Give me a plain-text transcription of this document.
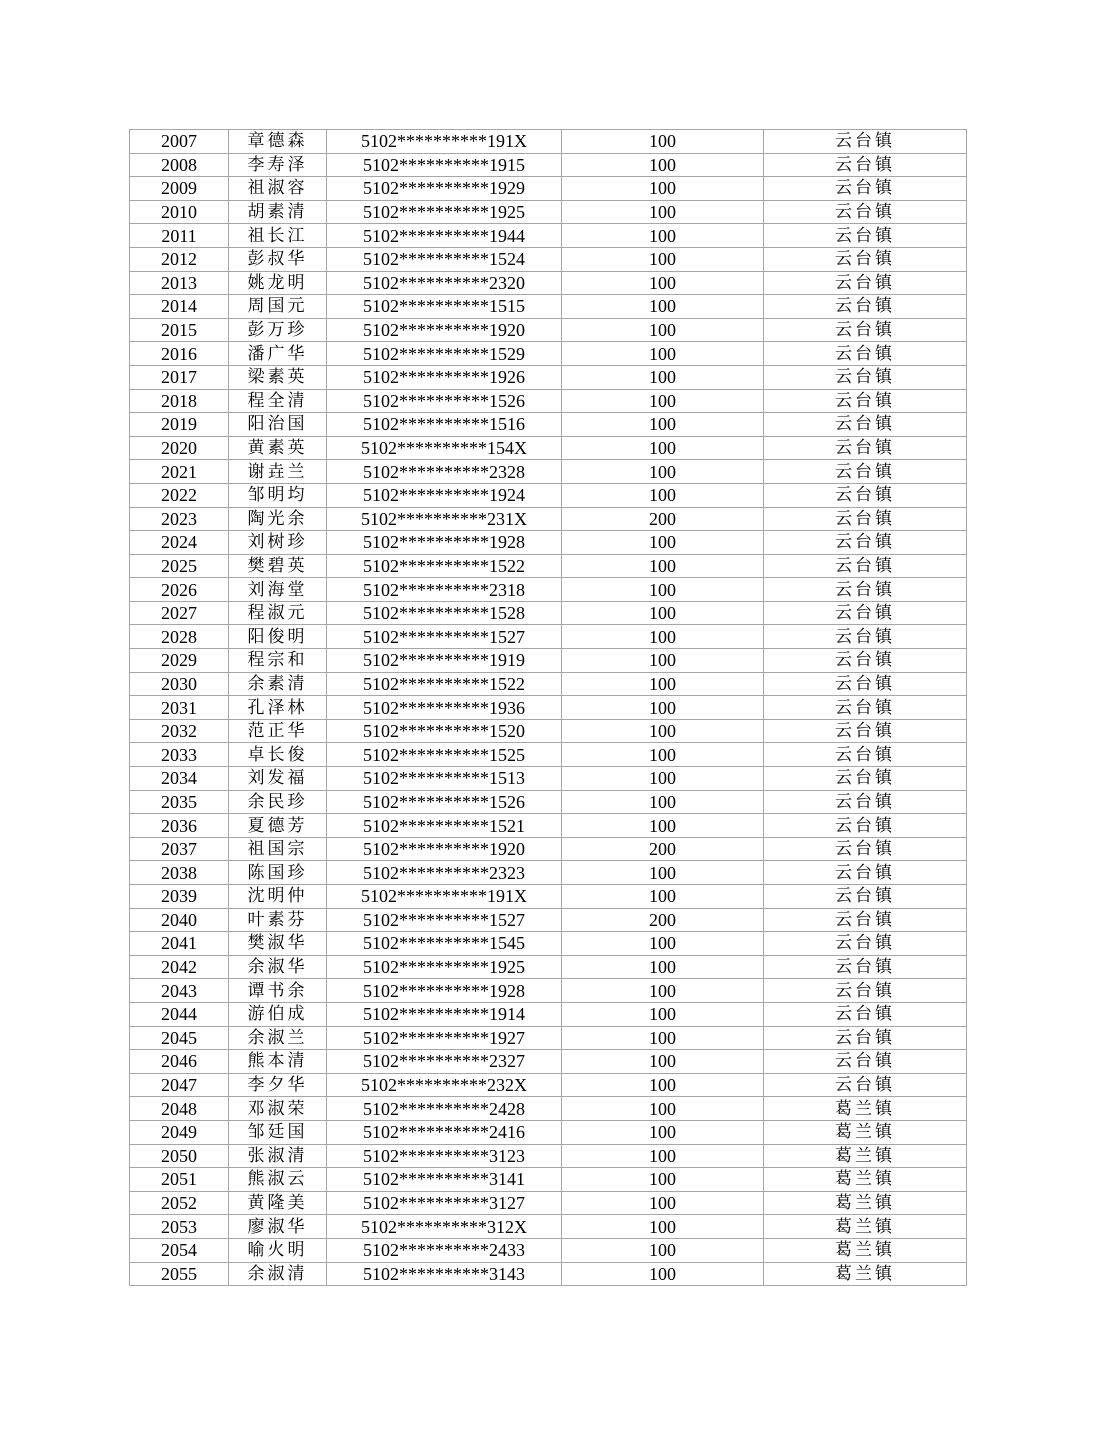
2007	章德森	5102**********191X	100	云台镇
2008	李寿泽	5102**********1915	100	云台镇
2009	祖淑容	5102**********1929	100	云台镇
2010	胡素清	5102**********1925	100	云台镇
2011	祖长江	5102**********1944	100	云台镇
2012	彭叔华	5102**********1524	100	云台镇
2013	姚龙明	5102**********2320	100	云台镇
2014	周国元	5102**********1515	100	云台镇
2015	彭万珍	5102**********1920	100	云台镇
2016	潘广华	5102**********1529	100	云台镇
2017	梁素英	5102**********1926	100	云台镇
2018	程全清	5102**********1526	100	云台镇
2019	阳治国	5102**********1516	100	云台镇
2020	黄素英	5102**********154X	100	云台镇
2021	谢垚兰	5102**********2328	100	云台镇
2022	邹明均	5102**********1924	100	云台镇
2023	陶光余	5102**********231X	200	云台镇
2024	刘树珍	5102**********1928	100	云台镇
2025	樊碧英	5102**********1522	100	云台镇
2026	刘海堂	5102**********2318	100	云台镇
2027	程淑元	5102**********1528	100	云台镇
2028	阳俊明	5102**********1527	100	云台镇
2029	程宗和	5102**********1919	100	云台镇
2030	余素清	5102**********1522	100	云台镇
2031	孔泽林	5102**********1936	100	云台镇
2032	范正华	5102**********1520	100	云台镇
2033	卓长俊	5102**********1525	100	云台镇
2034	刘发福	5102**********1513	100	云台镇
2035	余民珍	5102**********1526	100	云台镇
2036	夏德芳	5102**********1521	100	云台镇
2037	祖国宗	5102**********1920	200	云台镇
2038	陈国珍	5102**********2323	100	云台镇
2039	沈明仲	5102**********191X	100	云台镇
2040	叶素芬	5102**********1527	200	云台镇
2041	樊淑华	5102**********1545	100	云台镇
2042	余淑华	5102**********1925	100	云台镇
2043	谭书余	5102**********1928	100	云台镇
2044	游伯成	5102**********1914	100	云台镇
2045	余淑兰	5102**********1927	100	云台镇
2046	熊本清	5102**********2327	100	云台镇
2047	李夕华	5102**********232X	100	云台镇
2048	邓淑荣	5102**********2428	100	葛兰镇
2049	邹廷国	5102**********2416	100	葛兰镇
2050	张淑清	5102**********3123	100	葛兰镇
2051	熊淑云	5102**********3141	100	葛兰镇
2052	黄隆美	5102**********3127	100	葛兰镇
2053	廖淑华	5102**********312X	100	葛兰镇
2054	喻火明	5102**********2433	100	葛兰镇
2055	余淑清	5102**********3143	100	葛兰镇
